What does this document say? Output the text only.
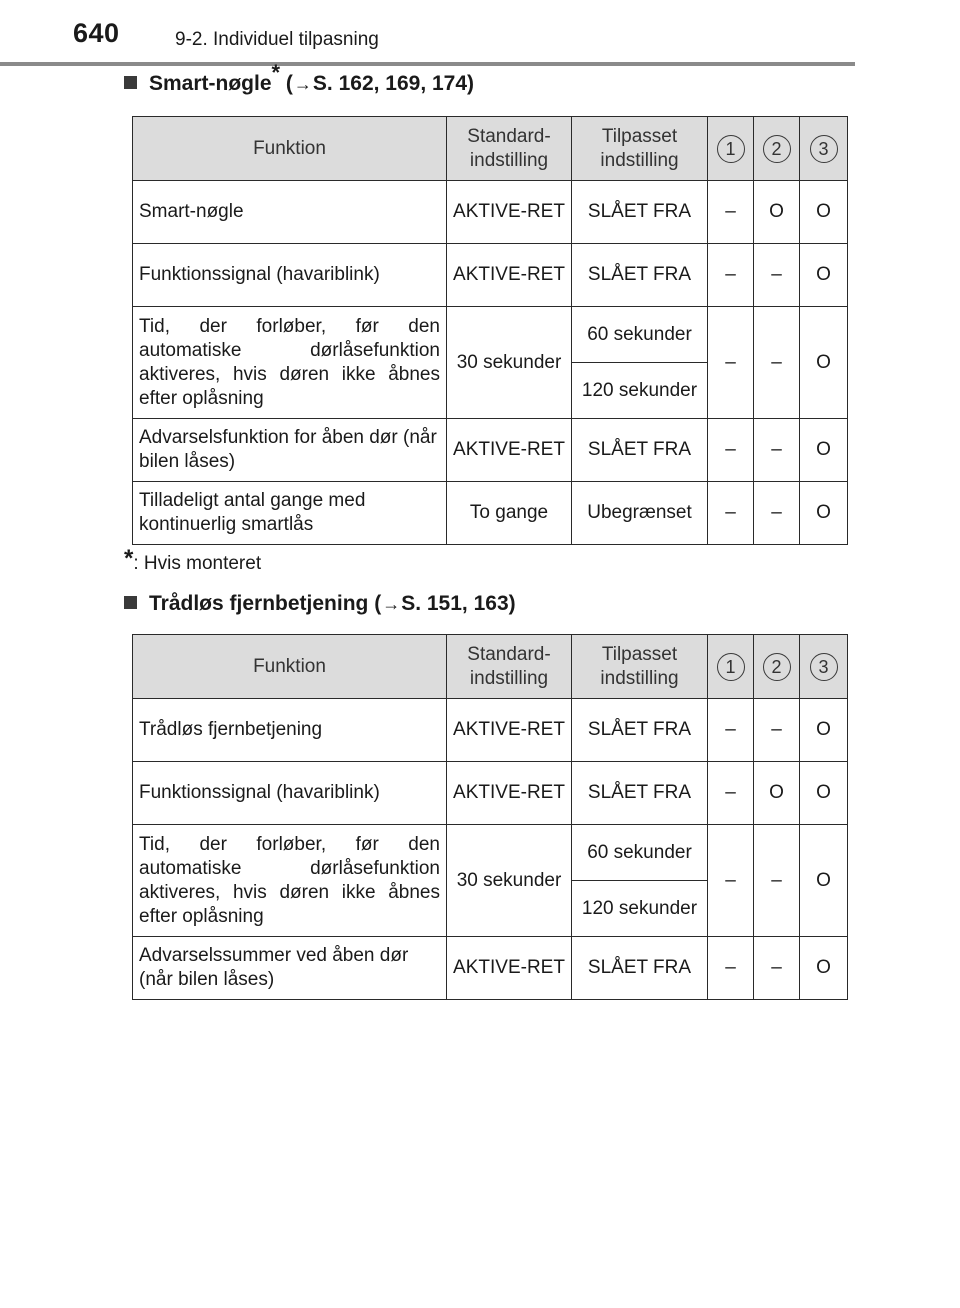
640	9-2. Individuel tilpasning
Smart-nøgle* (→S. 162, 169, 174)
Funktion	Standard-indstilling	Tilpasset indstilling	1	2	3
Smart-nøgle	AKTIVE-RET	SLÅET FRA	–	O	O
Funktionssignal (havariblink)	AKTIVE-RET	SLÅET FRA	–	–	O
Tid, der forløber, før den automatiske dørlåsefunktion aktiveres, hvis døren ikke åbnes efter oplåsning	30 sekunder	60 sekunder	–	–	O
		120 sekunder			
Advarselsfunktion for åben dør (når bilen låses)	AKTIVE-RET	SLÅET FRA	–	–	O
Tilladeligt antal gange med kontinuerlig smartlås	To gange	Ubegrænset	–	–	O
*: Hvis monteret
Trådløs fjernbetjening (→S. 151, 163)
Funktion	Standard-indstilling	Tilpasset indstilling	1	2	3
Trådløs fjernbetjening	AKTIVE-RET	SLÅET FRA	–	–	O
Funktionssignal (havariblink)	AKTIVE-RET	SLÅET FRA	–	O	O
Tid, der forløber, før den automatiske dørlåsefunktion aktiveres, hvis døren ikke åbnes efter oplåsning	30 sekunder	60 sekunder	–	–	O
		120 sekunder			
Advarselssummer ved åben dør (når bilen låses)	AKTIVE-RET	SLÅET FRA	–	–	O
